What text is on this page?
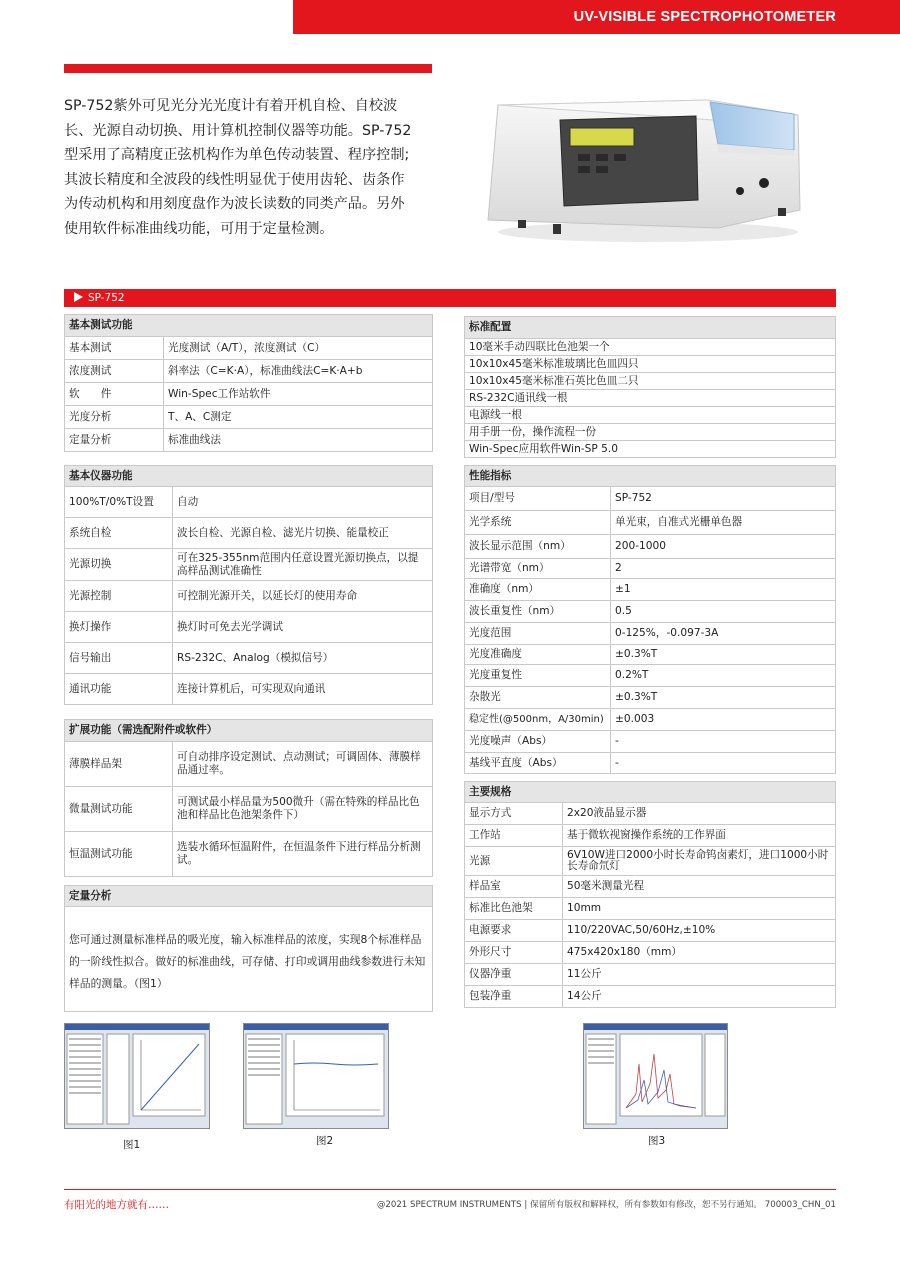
UV-VISIBLE SPECTROPHOTOMETER

SP-752紫外可见光分光光度计有着开机自检、自校波

长、光源自动切换、用计算机控制仪器等功能。SP-752

型采用了高精度正弦机构作为单色传动装置、程序控制;

其波长精度和全波段的线性明显优于使用齿轮、齿条作

为传动机构和用刻度盘作为波长读数的同类产品。另外

使用软件标准曲线功能，可用于定量检测。

SP-752
基本测试功能	
基本测试	光度测试（A/T），浓度测试（C）
浓度测试	斜率法（C=K·A），标准曲线法C=K·A+b
软　　件	Win-Spec工作站软件
光度分析	T、A、C测定
定量分析	标准曲线法
基本仪器功能	
100%T/0%T设置	自动
系统自检	波长自检、光源自检、滤光片切换、能量校正
光源切换	可在325-355nm范围内任意设置光源切换点，以提高样品测试准确性
光源控制	可控制光源开关，以延长灯的使用寿命
换灯操作	换灯时可免去光学调试
信号输出	RS-232C、Analog（模拟信号）
通讯功能	连接计算机后，可实现双向通讯
扩展功能（需选配附件或软件）	
薄膜样品架	可自动排序设定测试、点动测试；可调固体、薄膜样品通过率。
微量测试功能	可测试最小样品量为500微升（需在特殊的样品比色池和样品比色池架条件下）
恒温测试功能	选装水循环恒温附件，在恒温条件下进行样品分析测试。
定量分析

您可通过测量标准样品的吸光度，输入标准样品的浓度，实现8个标准样品的一阶线性拟合。做好的标准曲线，可存储、打印或调用曲线参数进行未知样品的测量。（图1）

标准配置
10毫米手动四联比色池架一个
10x10x45毫米标准玻璃比色皿四只
10x10x45毫米标准石英比色皿二只
RS-232C通讯线一根
电源线一根
用手册一份，操作流程一份
Win-Spec应用软件Win-SP 5.0
性能指标	
项目/型号	SP-752
光学系统	单光束，自准式光栅单色器
波长显示范围（nm）	200-1000
光谱带宽（nm）	2
准确度（nm）	±1
波长重复性（nm）	0.5
光度范围	0-125%，-0.097-3A
光度准确度	±0.3%T
光度重复性	0.2%T
杂散光	±0.3%T
稳定性(@500nm，A/30min)	±0.003
光度噪声（Abs）	-
基线平直度（Abs）	-
主要规格	
显示方式	2x20液晶显示器
工作站	基于微软视窗操作系统的工作界面
光源	6V10W进口2000小时长寿命钨卤素灯，进口1000小时长寿命氘灯
样品室	50毫米测量光程
标准比色池架	10mm
电源要求	110/220VAC,50/60Hz,±10%
外形尺寸	475x420x180（mm）
仪器净重	11公斤
包装净重	14公斤
图1	图2	图3
有阳光的地方就有……	@2021 SPECTRUM INSTRUMENTS | 保留所有版权和解释权，所有参数如有修改，恕不另行通知。 700003_CHN_01
